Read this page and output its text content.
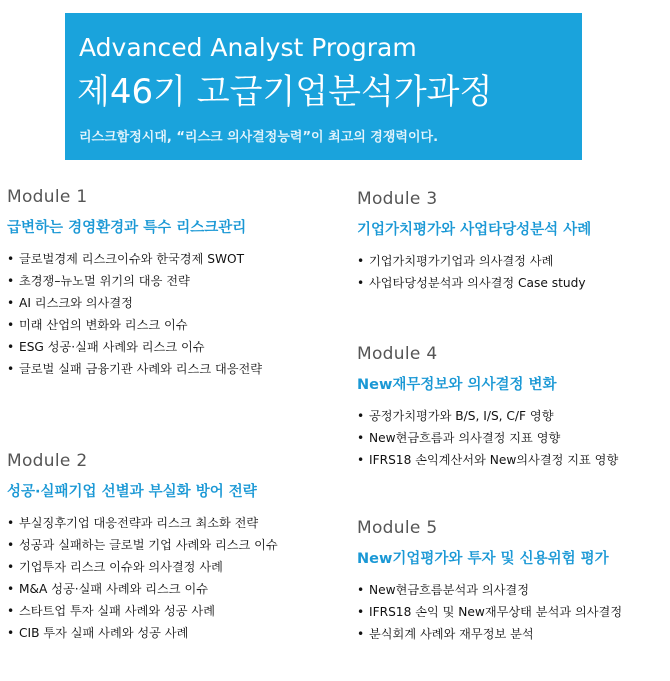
Advanced Analyst Program
제46기 고급기업분석가과정
리스크함정시대, “리스크 의사결정능력”이 최고의 경쟁력이다.
Module 1
급변하는 경영환경과 특수 리스크관리
• 글로벌경제 리스크이슈와 한국경제 SWOT
• 초경쟁–뉴노멀 위기의 대응 전략
• AI 리스크와 의사결정
• 미래 산업의 변화와 리스크 이슈
• ESG 성공·실패 사례와 리스크 이슈
• 글로벌 실패 금융기관 사례와 리스크 대응전략
Module 2
성공·실패기업 선별과 부실화 방어 전략
• 부실징후기업 대응전략과 리스크 최소화 전략
• 성공과 실패하는 글로벌 기업 사례와 리스크 이슈
• 기업투자 리스크 이슈와 의사결정 사례
• M&A 성공·실패 사례와 리스크 이슈
• 스타트업 투자 실패 사례와 성공 사례
• CIB 투자 실패 사례와 성공 사례
Module 3
기업가치평가와 사업타당성분석 사례
• 기업가치평가기업과 의사결정 사례
• 사업타당성분석과 의사결정 Case study
Module 4
New재무정보와 의사결정 변화
• 공정가치평가와 B/S, I/S, C/F 영향
• New현금흐름과 의사결정 지표 영향
• IFRS18 손익계산서와 New의사결정 지표 영향
Module 5
New기업평가와 투자 및 신용위험 평가
• New현금흐름분석과 의사결정
• IFRS18 손익 및 New재무상태 분석과 의사결정
• 분식회계 사례와 재무정보 분석
